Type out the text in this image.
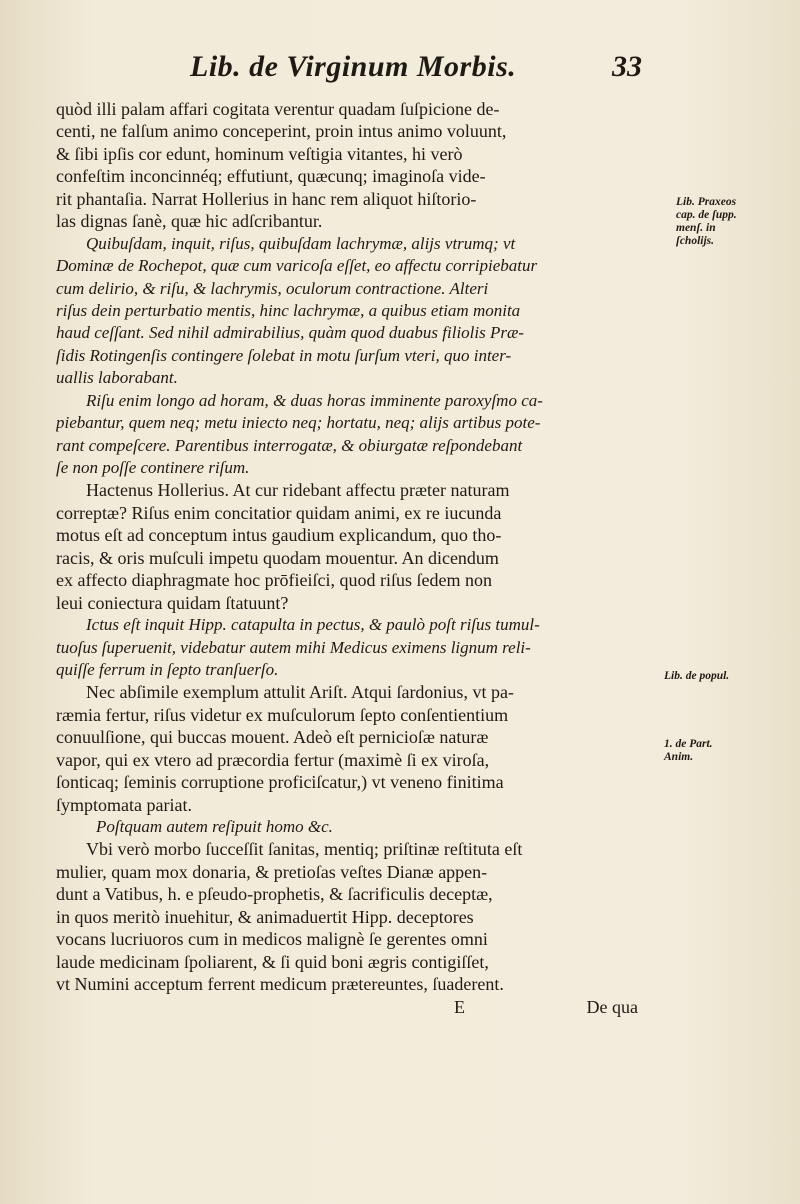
Lib. de Virginum Morbis.	33
quòd illi palam affari cogitata verentur quadam ſuſpicione de-
centi, ne falſum animo conceperint, proin intus animo voluunt,
& ſibi ipſis cor edunt, hominum veſtigia vitantes, hi verò
confeſtim inconcinnéq; effutiunt, quæcunq; imaginoſa vide-
rit phantaſia. Narrat Hollerius in hanc rem aliquot hiſtorio-
las dignas ſanè, quæ hic adſcribantur.
Quibuſdam, inquit, riſus, quibuſdam lachrymæ, alijs vtrumq; vt
Dominæ de Rochepot, quæ cum varicoſa eſſet, eo affectu corripiebatur
cum delirio, & riſu, & lachrymis, oculorum contractione. Alteri
riſus dein perturbatio mentis, hinc lachrymæ, a quibus etiam monita
haud ceſſant. Sed nihil admirabilius, quàm quod duabus filiolis Præ-
ſidis Rotingenſis contingere ſolebat in motu ſurſum vteri, quo inter-
uallis laborabant.
Riſu enim longo ad horam, & duas horas imminente paroxyſmo ca-
piebantur, quem neq; metu iniecto neq; hortatu, neq; alijs artibus pote-
rant compeſcere. Parentibus interrogatæ, & obiurgatæ reſpondebant
ſe non poſſe continere riſum.
Hactenus Hollerius. At cur ridebant affectu præter naturam
correptæ? Riſus enim concitatior quidam animi, ex re iucunda
motus eſt ad conceptum intus gaudium explicandum, quo tho-
racis, & oris muſculi impetu quodam mouentur. An dicendum
ex affecto diaphragmate hoc prōfieiſci, quod riſus ſedem non
leui coniectura quidam ſtatuunt?
Ictus eſt inquit Hipp. catapulta in pectus, & paulò poſt riſus tumul-
tuoſus ſuperuenit, videbatur autem mihi Medicus eximens lignum reli-
quiſſe ferrum in ſepto tranſuerſo.
Nec abſimile exemplum attulit Ariſt. Atqui ſardonius, vt pa-
ræmia fertur, riſus videtur ex muſculorum ſepto conſentientium
conuulſione, qui buccas mouent. Adeò eſt pernicioſæ naturæ
vapor, qui ex vtero ad præcordia fertur (maximè ſi ex viroſa,
ſonticaq; ſeminis corruptione proficiſcatur,) vt veneno finitima
ſymptomata pariat.
Poſtquam autem reſipuit homo &c.
Vbi verò morbo ſucceſſit ſanitas, mentiq; priſtinæ reſtituta eſt
mulier, quam mox donaria, & pretioſas veſtes Dianæ appen-
dunt a Vatibus, h. e pſeudo-prophetis, & ſacrificulis deceptæ,
in quos meritò inuehitur, & animaduertit Hipp. deceptores
vocans lucriuoros cum in medicos malignè ſe gerentes omni
laude medicinam ſpoliarent, & ſi quid boni ægris contigiſſet,
vt Numini acceptum ferrent medicum prætereuntes, ſuaderent.
E	De qua
Lib. Praxeos
cap. de ſupp.
menſ. in
ſcholijs.
Lib. de popul.
1. de Part.
Anim.
